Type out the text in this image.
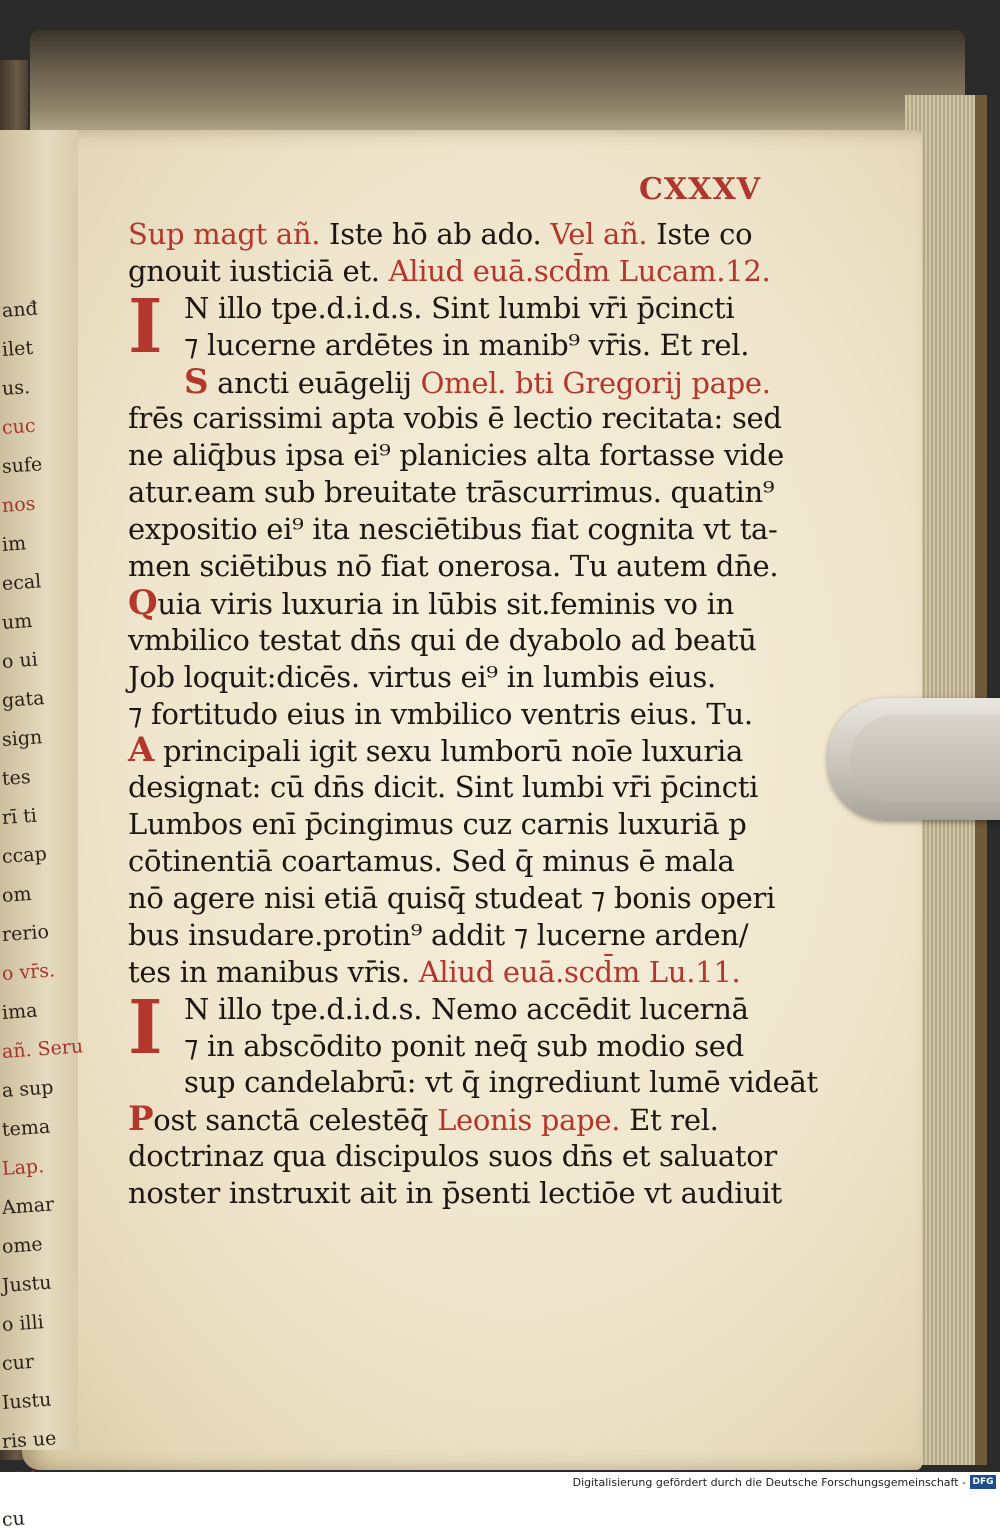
anđ
ilet
us.
cuc
sufe
nos
im
ecal
um
o ui
gata
sign
tes
rī ti
ccap
om
rerio
o vr̄s.
ima
añ. Seru
a sup
tema
Lap.
Amar
ome
Justu
o illi
cur
Iustu
ris ue
cu
CXXXV
Sup magt añ. Iste hō ab ado. Vel añ. Iste co
gnouit iusticiā et. Aliud euā.scd̄m Lucam.12.
I N illo tpe.d.i.d.s. Sint lumbi vr̄i p̄cincti
⁊ lucerne ardētes in manib⁹ vr̄is. Et rel.
S ancti euāgelij Omel. bti Gregorij pape.
frēs carissimi apta vobis ē lectio recitata: sed
ne aliq̄bus ipsa ei⁹ planicies alta fortasse vide
atur.eam sub breuitate trāscurrimus. quatin⁹
expositio ei⁹ ita nesciētibus fiat cognita vt ta-
men sciētibus nō fiat onerosa. Tu autem dn̄e.
Quia viris luxuria in lūbis sit.feminis vo in
vmbilico testat dn̄s qui de dyabolo ad beatū
Job loquit:dicēs. virtus ei⁹ in lumbis eius.
⁊ fortitudo eius in vmbilico ventris eius. Tu.
A principali igit sexu lumborū noīe luxuria
designat: cū dn̄s dicit. Sint lumbi vr̄i p̄cincti
Lumbos enī p̄cingimus cuz carnis luxuriā p
cōtinentiā coartamus. Sed q̄ minus ē mala
nō agere nisi etiā quisq̄ studeat ⁊ bonis operi
bus insudare.protin⁹ addit ⁊ lucerne arden/
tes in manibus vr̄is. Aliud euā.scd̄m Lu.11.
I N illo tpe.d.i.d.s. Nemo accēdit lucernā
⁊ in abscōdito ponit neq̄ sub modio sed
sup candelabrū: vt q̄ ingrediunt lumē videāt
Post sanctā celestēq̄ Leonis pape. Et rel.
doctrinaz qua discipulos suos dn̄s et saluator
noster instruxit ait in p̄senti lectiōe vt audiuit
Digitalisierung gefördert durch die Deutsche Forschungsgemeinschaft - DFG
